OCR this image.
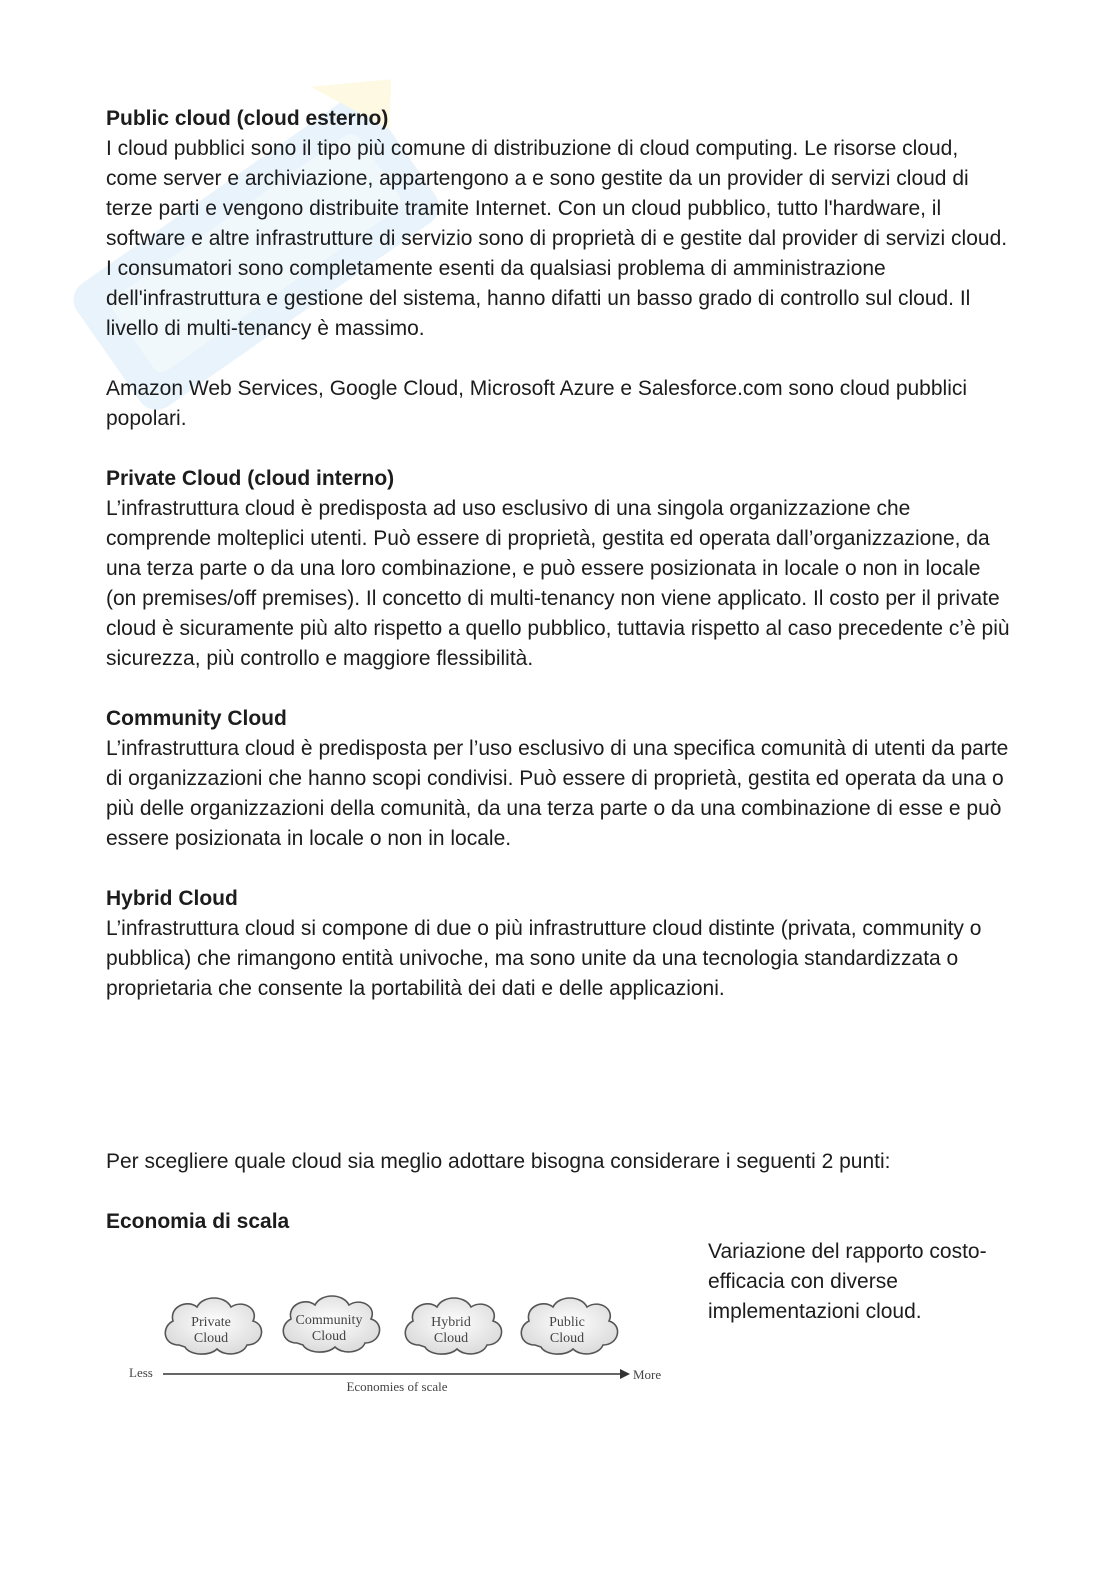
Public cloud (cloud esterno)

I cloud pubblici sono il tipo più comune di distribuzione di cloud computing. Le risorse cloud, come server e archiviazione, appartengono a e sono gestite da un provider di servizi cloud di terze parti e vengono distribuite tramite Internet. Con un cloud pubblico, tutto l'hardware, il software e altre infrastrutture di servizio sono di proprietà di e gestite dal provider di servizi cloud. I consumatori sono completamente esenti da qualsiasi problema di amministrazione dell'infrastruttura e gestione del sistema, hanno difatti un basso grado di controllo sul cloud. Il livello di multi-tenancy è massimo.

Amazon Web Services, Google Cloud, Microsoft Azure e Salesforce.com sono cloud pubblici popolari.

Private Cloud (cloud interno)

L’infrastruttura cloud è predisposta ad uso esclusivo di una singola organizzazione che comprende molteplici utenti. Può essere di proprietà, gestita ed operata dall’organizzazione, da una terza parte o da una loro combinazione, e può essere posizionata in locale o non in locale (on premises/off premises). Il concetto di multi-tenancy non viene applicato. Il costo per il private cloud è sicuramente più alto rispetto a quello pubblico, tuttavia rispetto al caso precedente c’è più sicurezza, più controllo e maggiore flessibilità.

Community Cloud

L’infrastruttura cloud è predisposta per l’uso esclusivo di una specifica comunità di utenti da parte di organizzazioni che hanno scopi condivisi. Può essere di proprietà, gestita ed operata da una o più delle organizzazioni della comunità, da una terza parte o da una combinazione di esse e può essere posizionata in locale o non in locale.

Hybrid Cloud

L’infrastruttura cloud si compone di due o più infrastrutture cloud distinte (privata, community o pubblica) che rimangono entità univoche, ma sono unite da una tecnologia standardizzata o proprietaria che consente la portabilità dei dati e delle applicazioni.

Per scegliere quale cloud sia meglio adottare bisogna considerare i seguenti 2 punti:

Economia di scala

Variazione del rapporto costo-efficacia con diverse implementazioni cloud.

Private
Cloud
Community
Cloud
Hybrid
Cloud
Public
Cloud
Less	More
Economies of scale
